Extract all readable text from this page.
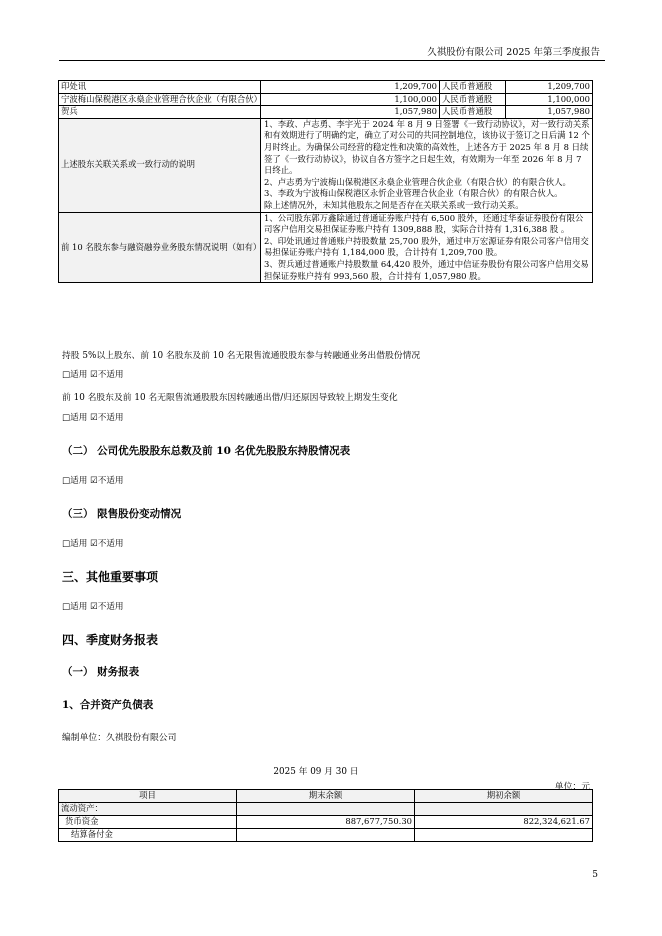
久祺股份有限公司 2025 年第三季度报告
印处讯	1,209,700	人民币普通股	1,209,700
宁波梅山保税港区永燊企业管理合伙企业（有限合伙）	1,100,000	人民币普通股	1,100,000
贺兵	1,057,980	人民币普通股	1,057,980
上述股东关联关系或一致行动的说明	1、李政、卢志勇、李宇光于 2024 年 8 月 9 日签署《一致行动协议》，对一致行动关系和有效期进行了明确约定，确立了对公司的共同控制地位，该协议于签订之日后满 12 个月时终止。为确保公司经营的稳定性和决策的高效性，上述各方于 2025 年 8 月 8 日续签了《一致行动协议》，协议自各方签字之日起生效，有效期为一年至 2026 年 8 月 7 日终止。
2、卢志勇为宁波梅山保税港区永燊企业管理合伙企业（有限合伙）的有限合伙人。
3、李政为宁波梅山保税港区永忻企业管理合伙企业（有限合伙）的有限合伙人。
除上述情况外，未知其他股东之间是否存在关联关系或一致行动关系。		

前 10 名股东参与融资融券业务股东情况说明（如有）	1、公司股东郭万鑫除通过普通证券账户持有 6,500 股外，还通过华泰证券股份有限公司客户信用交易担保证券账户持有 1309,888 股，实际合计持有 1,316,388 股 。
2、印处讯通过普通账户持股数量 25,700 股外，通过申万宏源证券有限公司客户信用交易担保证券账户持有 1,184,000 股，合计持有 1,209,700 股。
3、贺兵通过普通账户持股数量 64,420 股外，通过中信证券股份有限公司客户信用交易担保证券账户持有 993,560 股，合计持有 1,057,980 股。		
持股 5%以上股东、前 10 名股东及前 10 名无限售流通股股东参与转融通业务出借股份情况
□适用 ☑不适用
前 10 名股东及前 10 名无限售流通股股东因转融通出借/归还原因导致较上期发生变化
□适用 ☑不适用
（二） 公司优先股股东总数及前 10 名优先股股东持股情况表
□适用 ☑不适用
（三） 限售股份变动情况
□适用 ☑不适用
三、其他重要事项
□适用 ☑不适用
四、季度财务报表
（一） 财务报表
1、合并资产负债表
编制单位：久祺股份有限公司
2025 年 09 月 30 日
单位：元
项目	期末余额	期初余额
流动资产：		
货币资金	887,677,750.30	822,324,621.67
结算备付金		
5
